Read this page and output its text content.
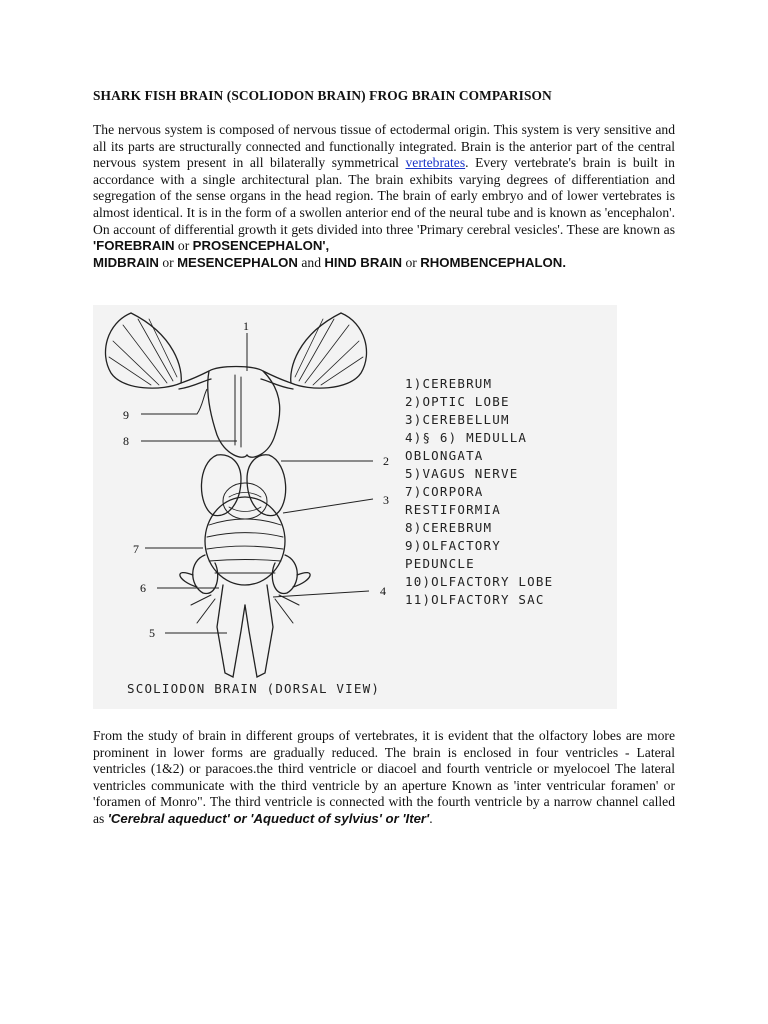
SHARK FISH BRAIN (SCOLIODON BRAIN) FROG BRAIN COMPARISON
The nervous system is composed of nervous tissue of ectodermal origin. This system is very sensitive and all its parts are structurally connected and functionally integrated. Brain is the anterior part of the central nervous system present in all bilaterally symmetrical vertebrates. Every vertebrate's brain is built in accordance with a single architectural plan. The brain exhibits varying degrees of differentiation and segregation of the sense organs in the head region. The brain of early embryo and of lower vertebrates is almost identical. It is in the form of a swollen anterior end of the neural tube and is known as 'encephalon'. On account of differential growth it gets divided into three 'Primary cerebral vesicles'. These are known as 'FOREBRAIN or PROSENCEPHALON',
MIDBRAIN or MESENCEPHALON and HIND BRAIN or RHOMBENCEPHALON.
1
2
3
4
5
6
7
8
9
1)CEREBRUM
2)OPTIC LOBE
3)CEREBELLUM
4)§ 6) MEDULLA
OBLONGATA
5)VAGUS NERVE
7)CORPORA
RESTIFORMIA
8)CEREBRUM
9)OLFACTORY
PEDUNCLE
10)OLFACTORY LOBE
11)OLFACTORY SAC
SCOLIODON BRAIN (DORSAL VIEW)
From the study of brain in different groups of vertebrates, it is evident that the olfactory lobes are more prominent in lower forms are gradually reduced. The brain is enclosed in four ventricles - Lateral ventricles (1&2) or paracoes.the third ventricle or diacoel and fourth ventricle or myelocoel The lateral ventricles communicate with the third ventricle by an aperture Known as 'inter ventricular foramen' or 'foramen of Monro". The third ventricle is connected with the fourth ventricle by a narrow channel called as 'Cerebral aqueduct' or 'Aqueduct of sylvius' or 'Iter'.
